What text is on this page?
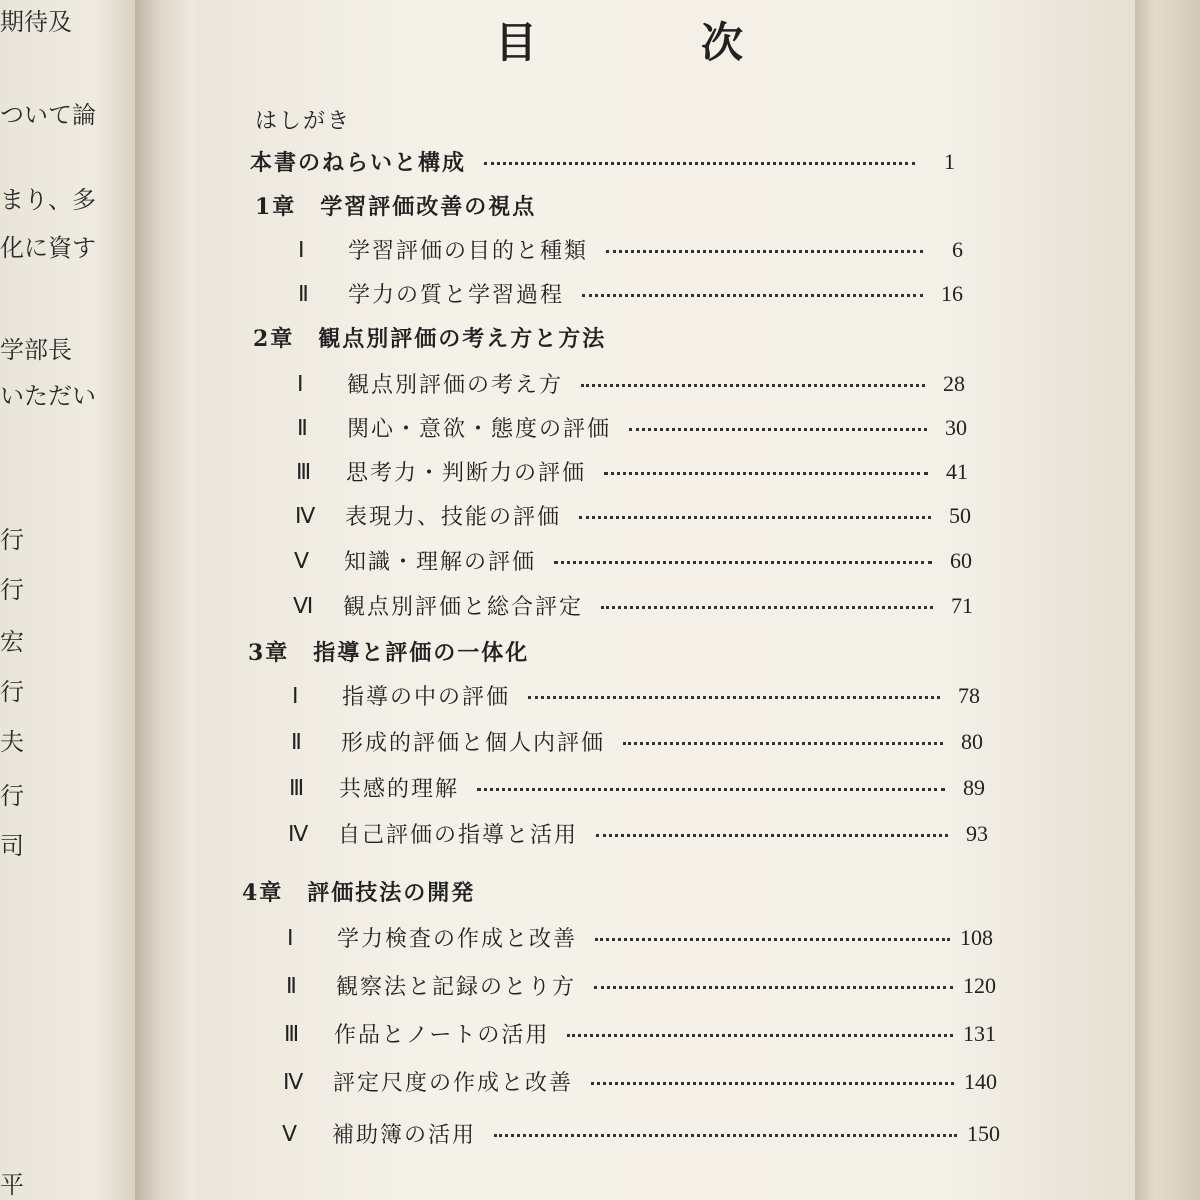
期待及
ついて論
まり、多
化に資す
学部長
いただい
行
行
宏
行
夫
行
司
平
目	次
はしがき
本書のねらいと構成	1
1章　学習評価改善の視点
Ⅰ	学習評価の目的と種類	6
Ⅱ	学力の質と学習過程	16
2章　観点別評価の考え方と方法
Ⅰ	観点別評価の考え方	28
Ⅱ	関心・意欲・態度の評価	30
Ⅲ	思考力・判断力の評価	41
Ⅳ	表現力、技能の評価	50
Ⅴ	知識・理解の評価	60
Ⅵ	観点別評価と総合評定	71
3章　指導と評価の一体化
Ⅰ	指導の中の評価	78
Ⅱ	形成的評価と個人内評価	80
Ⅲ	共感的理解	89
Ⅳ	自己評価の指導と活用	93
4章　評価技法の開発
Ⅰ	学力検査の作成と改善	108
Ⅱ	観察法と記録のとり方	120
Ⅲ	作品とノートの活用	131
Ⅳ	評定尺度の作成と改善	140
Ⅴ	補助簿の活用	150
